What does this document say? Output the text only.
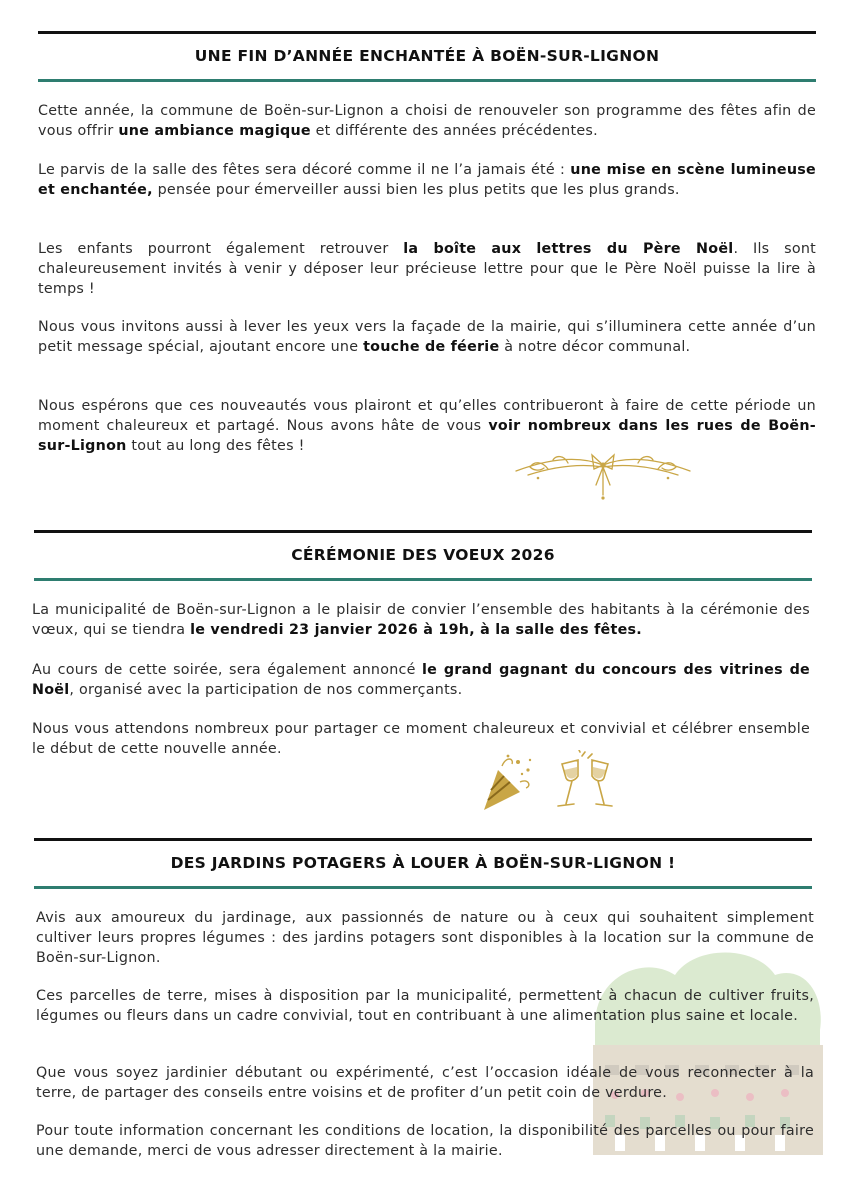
UNE FIN D’ANNÉE ENCHANTÉE À BOËN-SUR-LIGNON

Cette année, la commune de Boën-sur-Lignon a choisi de renouveler son programme des fêtes afin de vous offrir une ambiance magique et différente des années précédentes.

Le parvis de la salle des fêtes sera décoré comme il ne l’a jamais été : une mise en scène lumineuse et enchantée, pensée pour émerveiller aussi bien les plus petits que les plus grands.

Les enfants pourront également retrouver la boîte aux lettres du Père Noël. Ils sont chaleureusement invités à venir y déposer leur précieuse lettre pour que le Père Noël puisse la lire à temps !

Nous vous invitons aussi à lever les yeux vers la façade de la mairie, qui s’illuminera cette année d’un petit message spécial, ajoutant encore une touche de féerie à notre décor communal.

Nous espérons que ces nouveautés vous plairont et qu’elles contribueront à faire de cette période un moment chaleureux et partagé. Nous avons hâte de vous voir nombreux dans les rues de Boën-sur-Lignon tout au long des fêtes !

CÉRÉMONIE DES VOEUX 2026

La municipalité de Boën-sur-Lignon a le plaisir de convier l’ensemble des habitants à la cérémonie des vœux, qui se tiendra le vendredi 23 janvier 2026 à 19h, à la salle des fêtes.

Au cours de cette soirée, sera également annoncé le grand gagnant du concours des vitrines de Noël, organisé avec la participation de nos commerçants.

Nous vous attendons nombreux pour partager ce moment chaleureux et convivial et célébrer ensemble le début de cette nouvelle année.

DES JARDINS POTAGERS À LOUER À BOËN-SUR-LIGNON !

Avis aux amoureux du jardinage, aux passionnés de nature ou à ceux qui souhaitent simplement cultiver leurs propres légumes : des jardins potagers sont disponibles à la location sur la commune de Boën-sur-Lignon.

Ces parcelles de terre, mises à disposition par la municipalité, permettent à chacun de cultiver fruits, légumes ou fleurs dans un cadre convivial, tout en contribuant à une alimentation plus saine et locale.

Que vous soyez jardinier débutant ou expérimenté, c’est l’occasion idéale de vous reconnecter à la terre, de partager des conseils entre voisins et de profiter d’un petit coin de verdure.

Pour toute information concernant les conditions de location, la disponibilité des parcelles ou pour faire une demande, merci de vous adresser directement à la mairie.
